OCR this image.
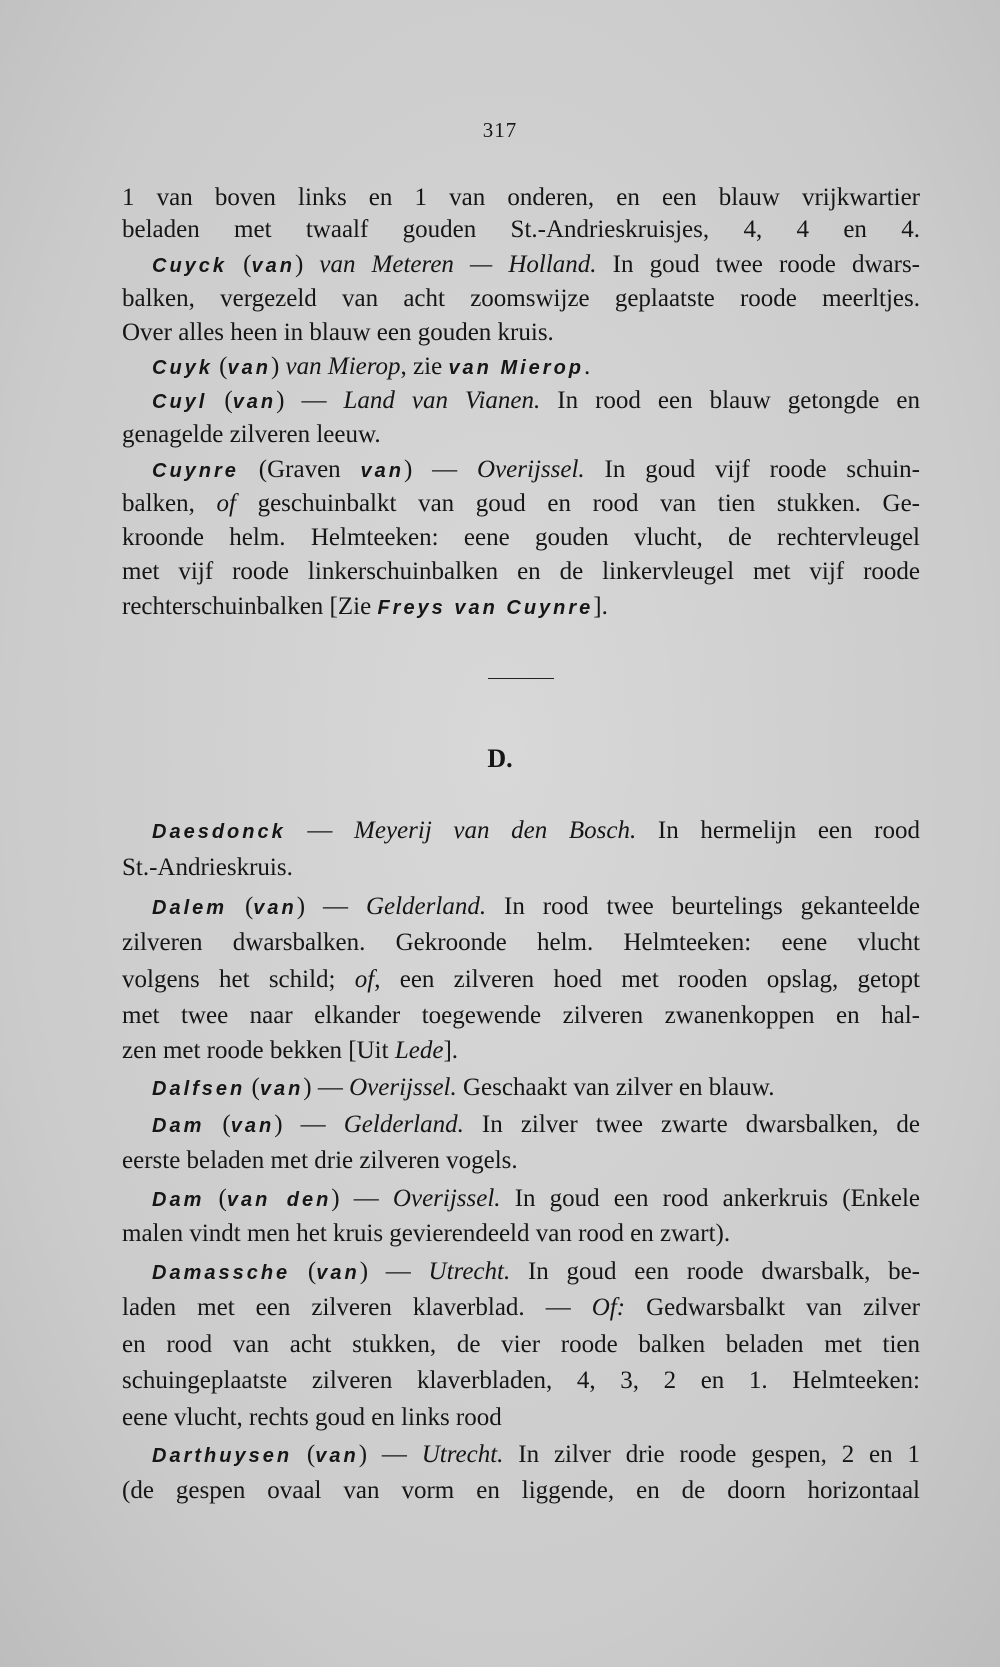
317
1 van boven links en 1 van onderen, en een blauw vrijkwartier
beladen met twaalf gouden St.-Andrieskruisjes, 4, 4 en 4.
Cuyck (van) van Meteren — Holland. In goud twee roode dwars-
balken, vergezeld van acht zoomswijze geplaatste roode meerltjes.
Over alles heen in blauw een gouden kruis.
Cuyk (van) van Mierop, zie van Mierop.
Cuyl (van) — Land van Vianen. In rood een blauw getongde en
genagelde zilveren leeuw.
Cuynre (Graven van) — Overijssel. In goud vijf roode schuin-
balken, of geschuinbalkt van goud en rood van tien stukken. Ge-
kroonde helm. Helmteeken: eene gouden vlucht, de rechtervleugel
met vijf roode linkerschuinbalken en de linkervleugel met vijf roode
rechterschuinbalken [Zie Freys van Cuynre].
D.
Daesdonck — Meyerij van den Bosch. In hermelijn een rood
St.-Andrieskruis.
Dalem (van) — Gelderland. In rood twee beurtelings gekanteelde
zilveren dwarsbalken. Gekroonde helm. Helmteeken: eene vlucht
volgens het schild; of, een zilveren hoed met rooden opslag, getopt
met twee naar elkander toegewende zilveren zwanenkoppen en hal-
zen met roode bekken [Uit Lede].
Dalfsen (van) — Overijssel. Geschaakt van zilver en blauw.
Dam (van) — Gelderland. In zilver twee zwarte dwarsbalken, de
eerste beladen met drie zilveren vogels.
Dam (van den) — Overijssel. In goud een rood ankerkruis (Enkele
malen vindt men het kruis gevierendeeld van rood en zwart).
Damassche (van) — Utrecht. In goud een roode dwarsbalk, be-
laden met een zilveren klaverblad. — Of: Gedwarsbalkt van zilver
en rood van acht stukken, de vier roode balken beladen met tien
schuingeplaatste zilveren klaverbladen, 4, 3, 2 en 1. Helmteeken:
eene vlucht, rechts goud en links rood
Darthuysen (van) — Utrecht. In zilver drie roode gespen, 2 en 1
(de gespen ovaal van vorm en liggende, en de doorn horizontaal
